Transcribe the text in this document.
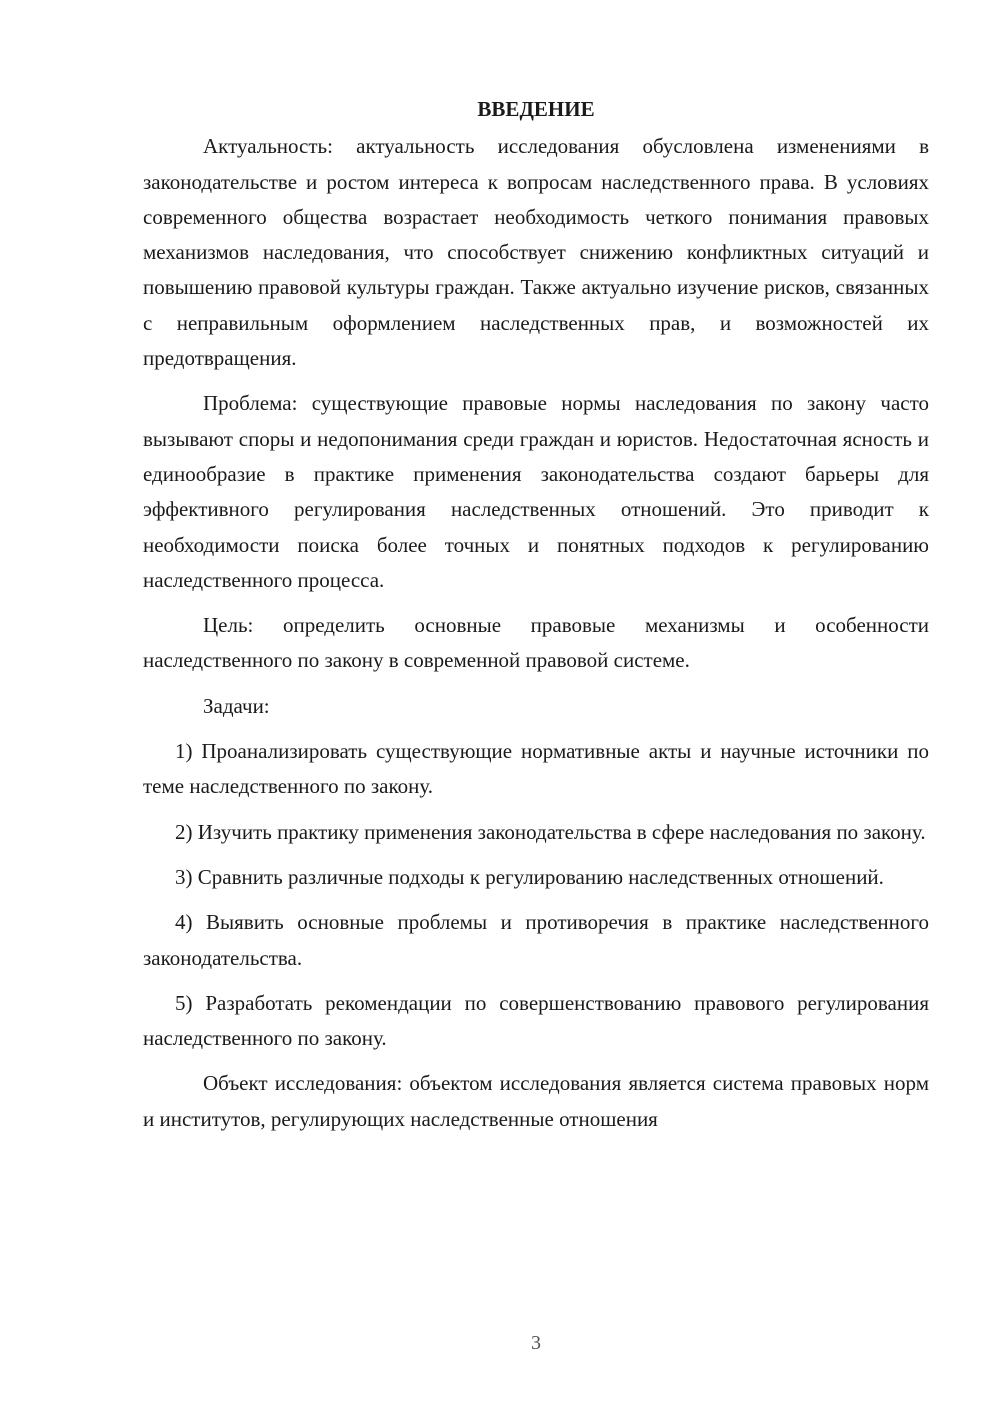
ВВЕДЕНИЕ

Актуальность: актуальность исследования обусловлена изменениями в законодательстве и ростом интереса к вопросам наследственного права. В условиях современного общества возрастает необходимость четкого понимания правовых механизмов наследования, что способствует снижению конфликтных ситуаций и повышению правовой культуры граждан. Также актуально изучение рисков, связанных с неправильным оформлением наследственных прав, и возможностей их предотвращения.

Проблема: существующие правовые нормы наследования по закону часто вызывают споры и недопонимания среди граждан и юристов. Недостаточная ясность и единообразие в практике применения законодательства создают барьеры для эффективного регулирования наследственных отношений. Это приводит к необходимости поиска более точных и понятных подходов к регулированию наследственного процесса.

Цель: определить основные правовые механизмы и особенности наследственного по закону в современной правовой системе.

Задачи:

1) Проанализировать существующие нормативные акты и научные источники по теме наследственного по закону.

2) Изучить практику применения законодательства в сфере наследования по закону.

3) Сравнить различные подходы к регулированию наследственных отношений.

4) Выявить основные проблемы и противоречия в практике наследственного законодательства.

5) Разработать рекомендации по совершенствованию правового регулирования наследственного по закону.

Объект исследования: объектом исследования является система правовых норм и институтов, регулирующих наследственные отношения

3
